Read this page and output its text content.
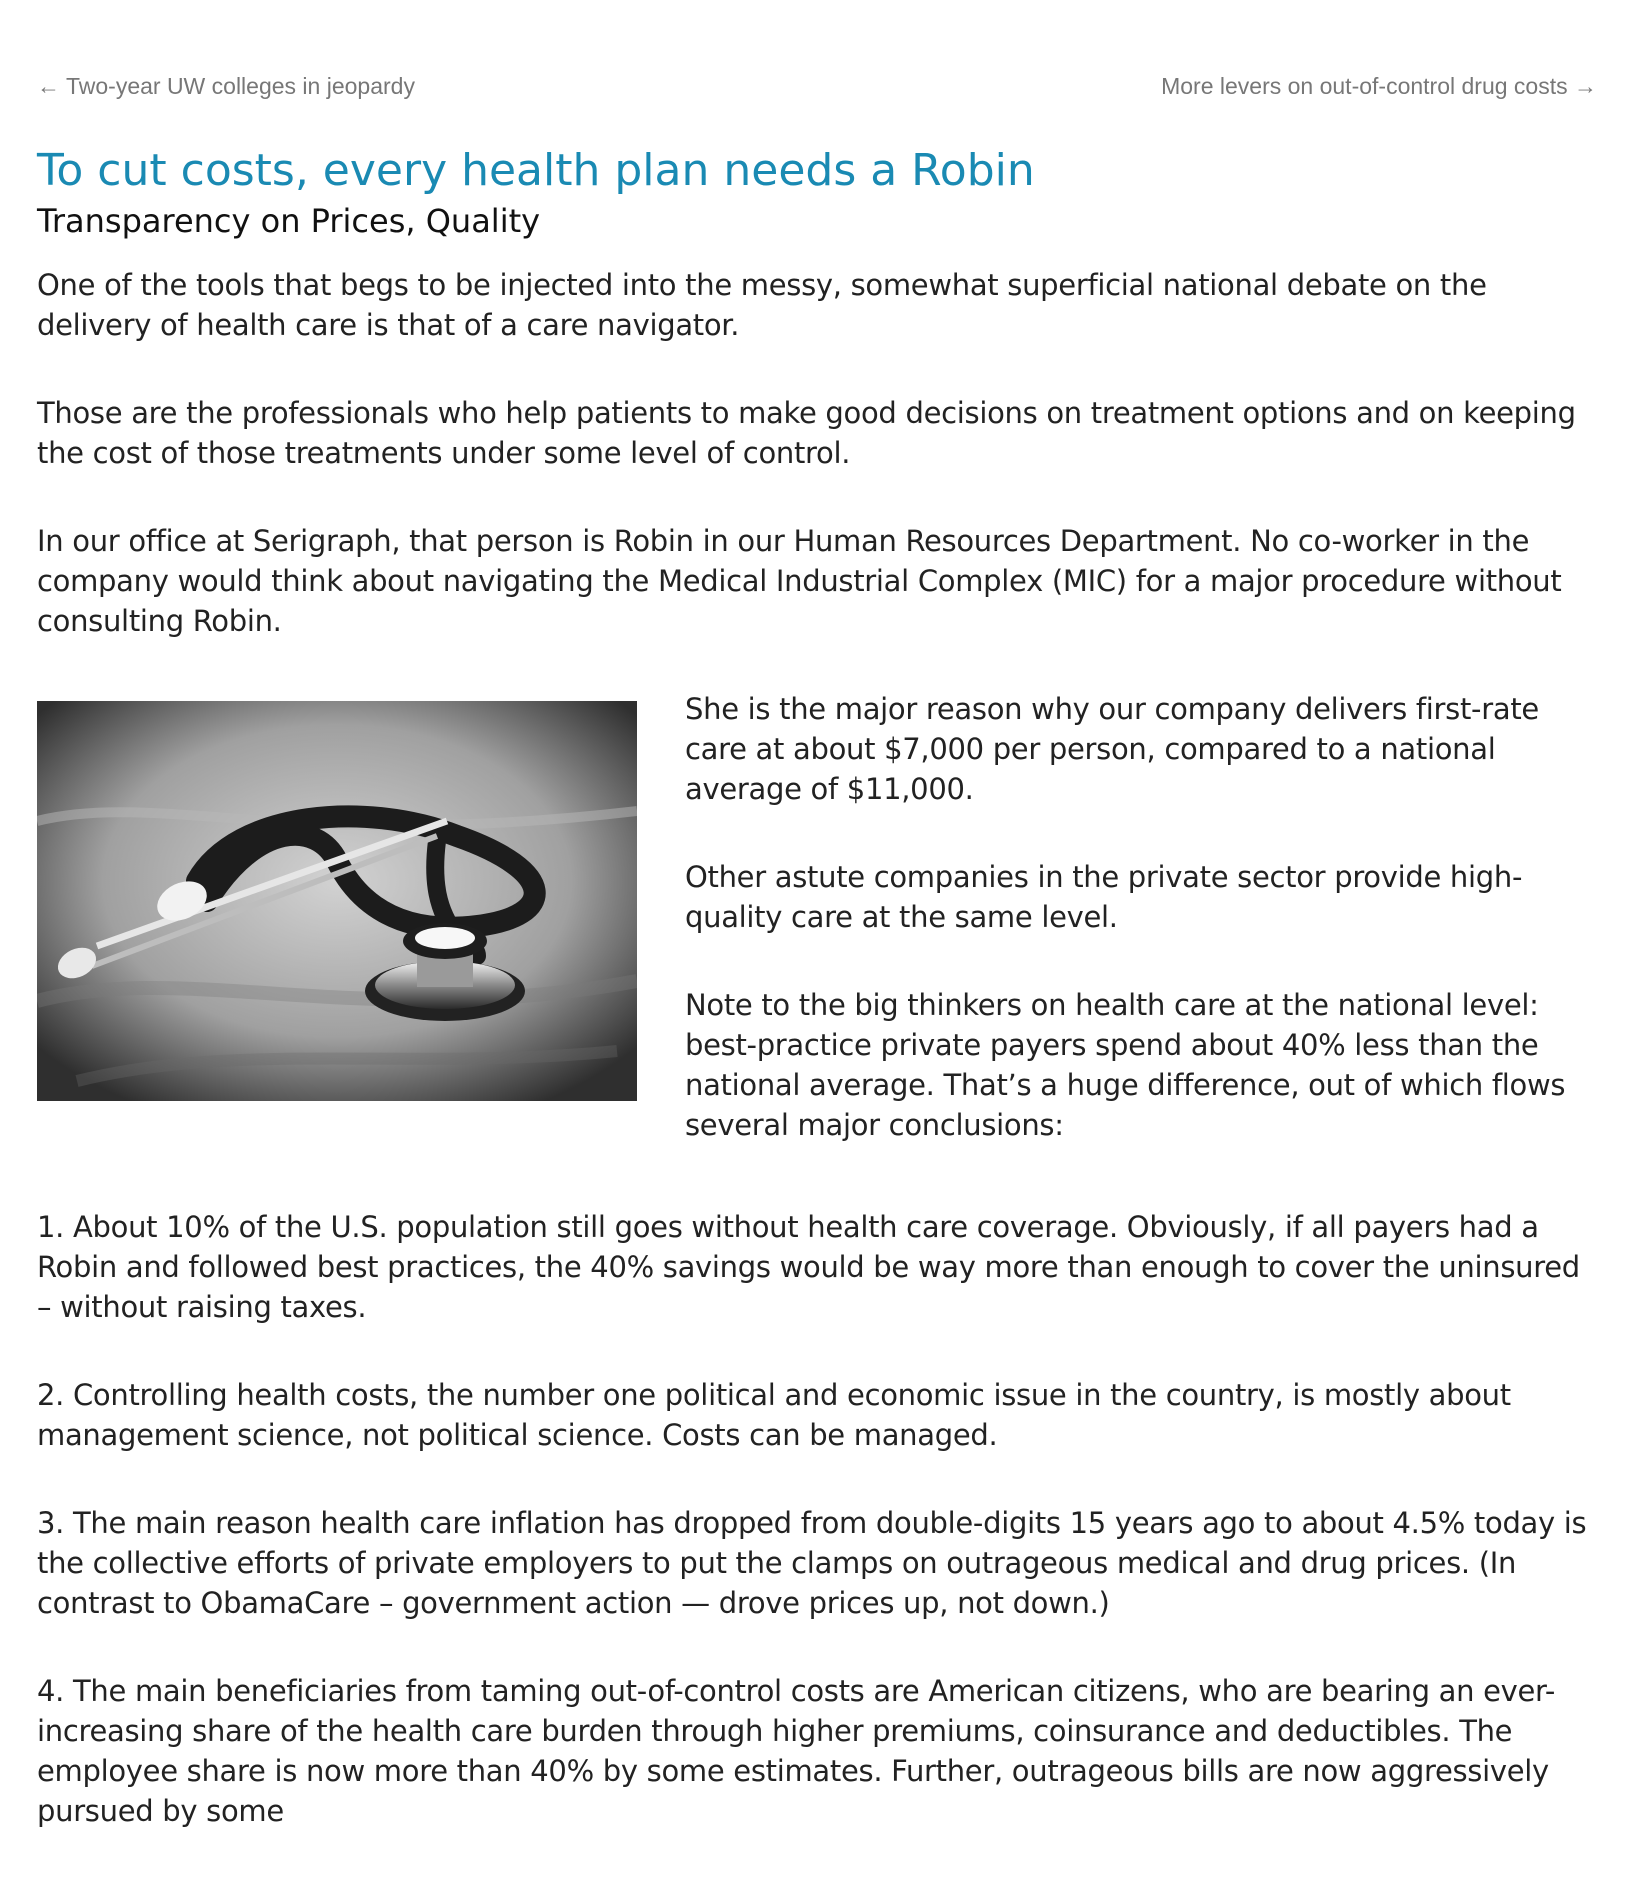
← Two-year UW colleges in jeopardy	More levers on out-of-control drug costs →
To cut costs, every health plan needs a Robin
Transparency on Prices, Quality

One of the tools that begs to be injected into the messy, somewhat superficial national debate on the delivery of health care is that of a care navigator.

Those are the professionals who help patients to make good decisions on treatment options and on keeping the cost of those treatments under some level of control.

In our office at Serigraph, that person is Robin in our Human Resources Department. No co-worker in the company would think about navigating the Medical Industrial Complex (MIC) for a major procedure without consulting Robin.

She is the major reason why our company delivers first-rate care at about $7,000 per person, compared to a national average of $11,000.

Other astute companies in the private sector provide high-quality care at the same level.

Note to the big thinkers on health care at the national level: best-practice private payers spend about 40% less than the national average. That’s a huge difference, out of which flows several major conclusions:

1. About 10% of the U.S. population still goes without health care coverage. Obviously, if all payers had a Robin and followed best practices, the 40% savings would be way more than enough to cover the uninsured – without raising taxes.

2. Controlling health costs, the number one political and economic issue in the country, is mostly about management science, not political science. Costs can be managed.

3. The main reason health care inflation has dropped from double-digits 15 years ago to about 4.5% today is the collective efforts of private employers to put the clamps on outrageous medical and drug prices. (In contrast to ObamaCare – government action — drove prices up, not down.)

4. The main beneficiaries from taming out-of-control costs are American citizens, who are bearing an ever-increasing share of the health care burden through higher premiums, coinsurance and deductibles. The employee share is now more than 40% by some estimates. Further, outrageous bills are now aggressively pursued by some
